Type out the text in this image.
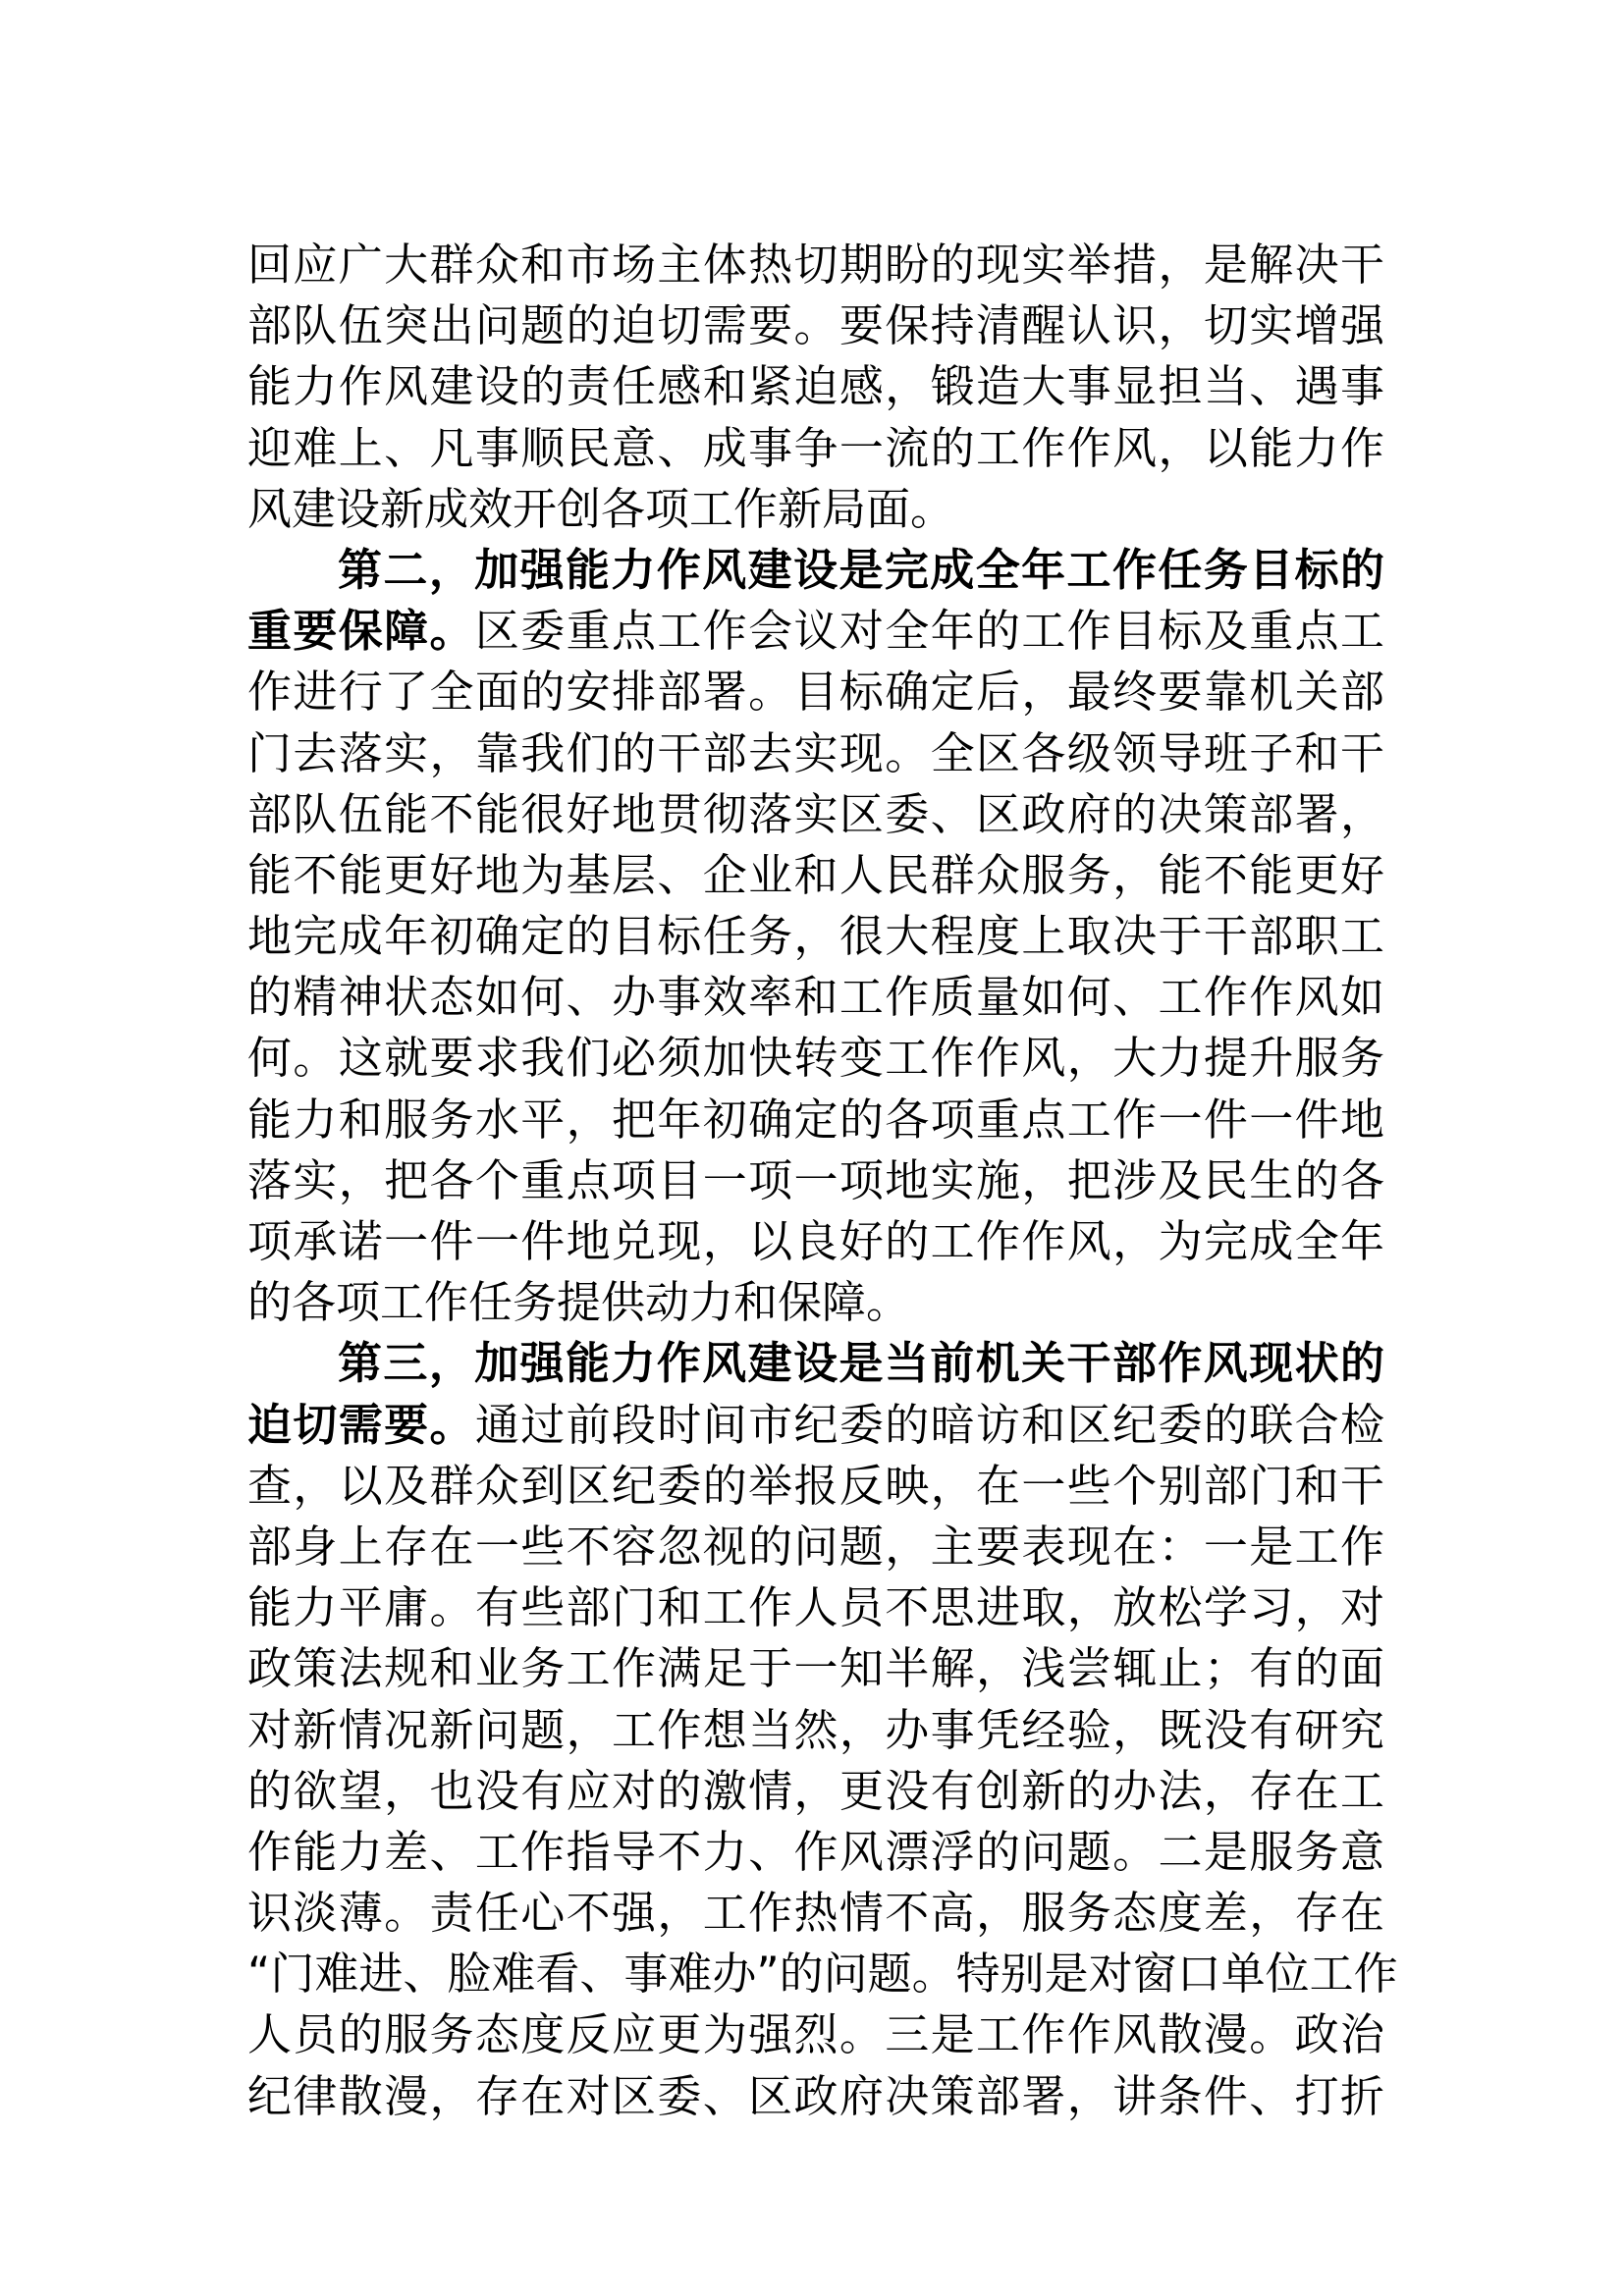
回应广大群众和市场主体热切期盼的现实举措，是解决干
部队伍突出问题的迫切需要。要保持清醒认识，切实增强
能力作风建设的责任感和紧迫感，锻造大事显担当、遇事
迎难上、凡事顺民意、成事争一流的工作作风，以能力作
风建设新成效开创各项工作新局面。
第二，加强能力作风建设是完成全年工作任务目标的
重要保障。区委重点工作会议对全年的工作目标及重点工
作进行了全面的安排部署。目标确定后，最终要靠机关部
门去落实，靠我们的干部去实现。全区各级领导班子和干
部队伍能不能很好地贯彻落实区委、区政府的决策部署，
能不能更好地为基层、企业和人民群众服务，能不能更好
地完成年初确定的目标任务，很大程度上取决于干部职工
的精神状态如何、办事效率和工作质量如何、工作作风如
何。这就要求我们必须加快转变工作作风，大力提升服务
能力和服务水平，把年初确定的各项重点工作一件一件地
落实，把各个重点项目一项一项地实施，把涉及民生的各
项承诺一件一件地兑现，以良好的工作作风，为完成全年
的各项工作任务提供动力和保障。
第三，加强能力作风建设是当前机关干部作风现状的
迫切需要。通过前段时间市纪委的暗访和区纪委的联合检
查，以及群众到区纪委的举报反映，在一些个别部门和干
部身上存在一些不容忽视的问题，主要表现在：一是工作
能力平庸。有些部门和工作人员不思进取，放松学习，对
政策法规和业务工作满足于一知半解，浅尝辄止；有的面
对新情况新问题，工作想当然，办事凭经验，既没有研究
的欲望，也没有应对的激情，更没有创新的办法，存在工
作能力差、工作指导不力、作风漂浮的问题。二是服务意
识淡薄。责任心不强，工作热情不高，服务态度差，存在
“门难进、脸难看、事难办”的问题。特别是对窗口单位工作
人员的服务态度反应更为强烈。三是工作作风散漫。政治
纪律散漫，存在对区委、区政府决策部署，讲条件、打折
